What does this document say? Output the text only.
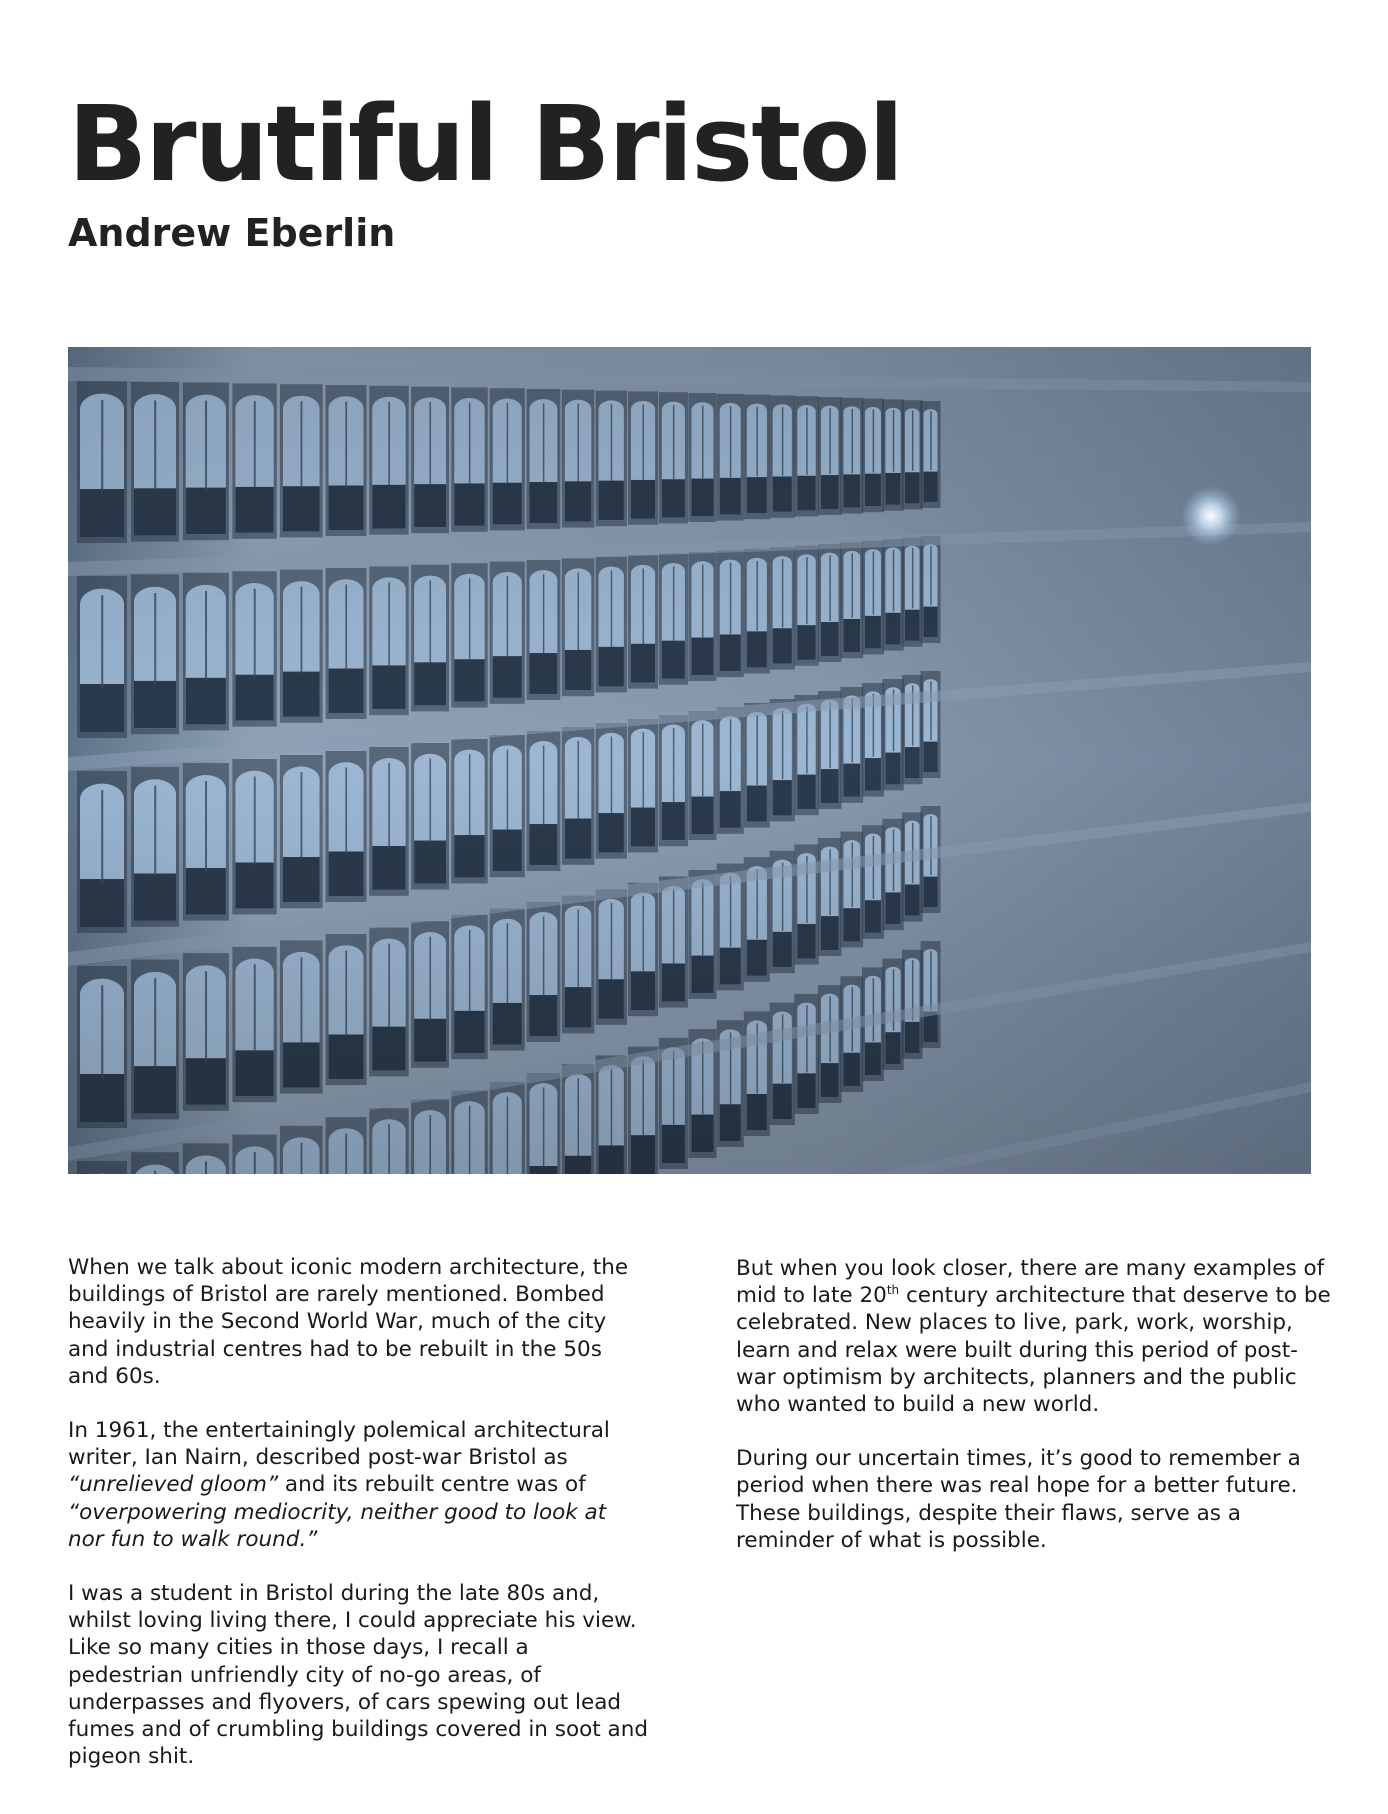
Brutiful Bristol
Andrew Eberlin

When we talk about iconic modern architecture, the buildings of Bristol are rarely mentioned. Bombed heavily in the Second World War, much of the city and industrial centres had to be rebuilt in the 50s and 60s.

In 1961, the entertainingly polemical architectural writer, Ian Nairn, described post-war Bristol as “unrelieved gloom” and its rebuilt centre was of “overpowering mediocrity, neither good to look at nor fun to walk round.”

I was a student in Bristol during the late 80s and, whilst loving living there, I could appreciate his view. Like so many cities in those days, I recall a pedestrian unfriendly city of no-go areas, of underpasses and flyovers, of cars spewing out lead fumes and of crumbling buildings covered in soot and pigeon shit.

But when you look closer, there are many examples of mid to late 20th century architecture that deserve to be celebrated. New places to live, park, work, worship, learn and relax were built during this period of post-war optimism by architects, planners and the public who wanted to build a new world.

During our uncertain times, it’s good to remember a period when there was real hope for a better future. These buildings, despite their flaws, serve as a reminder of what is possible.
